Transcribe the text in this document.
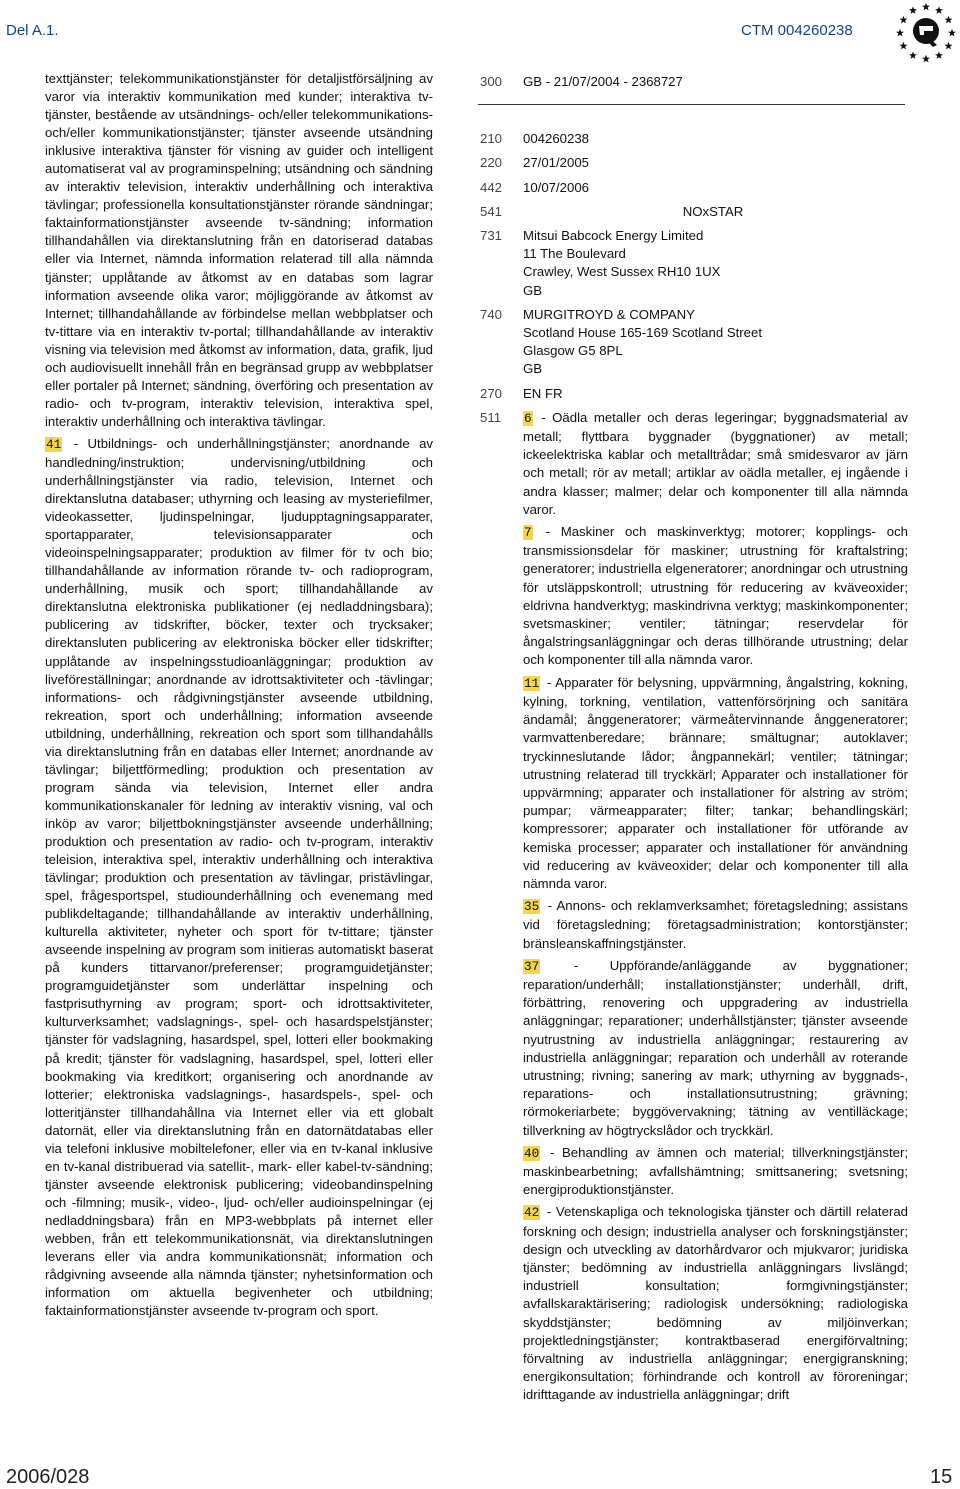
Del A.1.	CTM 004260238

texttjänster; telekommunikationstjänster för detaljistförsäljning av varor via interaktiv kommunikation med kunder; interaktiva tv-tjänster, bestående av utsändnings- och/eller telekommunikations- och/eller kommunikationstjänster; tjänster avseende utsändning inklusive interaktiva tjänster för visning av guider och intelligent automatiserat val av programinspelning; utsändning och sändning av interaktiv television, interaktiv underhållning och interaktiva tävlingar; professionella konsultationstjänster rörande sändningar; faktainformationstjänster avseende tv-sändning; information tillhandahållen via direktanslutning från en datoriserad databas eller via Internet, nämnda information relaterad till alla nämnda tjänster; upplåtande av åtkomst av en databas som lagrar information avseende olika varor; möjliggörande av åtkomst av Internet; tillhandahållande av förbindelse mellan webbplatser och tv-tittare via en interaktiv tv-portal; tillhandahållande av interaktiv visning via television med åtkomst av information, data, grafik, ljud och audiovisuellt innehåll från en begränsad grupp av webbplatser eller portaler på Internet; sändning, överföring och presentation av radio- och tv-program, interaktiv television, interaktiva spel, interaktiv underhållning och interaktiva tävlingar.

41 - Utbildnings- och underhållningstjänster; anordnande av handledning/instruktion; undervisning/utbildning och underhållningstjänster via radio, television, Internet och direktanslutna databaser; uthyrning och leasing av mysteriefilmer, videokassetter, ljudinspelningar, ljudupptagningsapparater, sportapparater, televisionsapparater och videoinspelningsapparater; produktion av filmer för tv och bio; tillhandahållande av information rörande tv- och radioprogram, underhållning, musik och sport; tillhandahållande av direktanslutna elektroniska publikationer (ej nedladdningsbara); publicering av tidskrifter, böcker, texter och trycksaker; direktansluten publicering av elektroniska böcker eller tidskrifter; upplåtande av inspelningsstudioanläggningar; produktion av liveföreställningar; anordnande av idrottsaktiviteter och -tävlingar; informations- och rådgivningstjänster avseende utbildning, rekreation, sport och underhållning; information avseende utbildning, underhållning, rekreation och sport som tillhandahålls via direktanslutning från en databas eller Internet; anordnande av tävlingar; biljettförmedling; produktion och presentation av program sända via television, Internet eller andra kommunikationskanaler för ledning av interaktiv visning, val och inköp av varor; biljettbokningstjänster avseende underhållning; produktion och presentation av radio- och tv-program, interaktiv teleision, interaktiva spel, interaktiv underhållning och interaktiva tävlingar; produktion och presentation av tävlingar, pristävlingar, spel, frågesportspel, studiounderhållning och evenemang med publikdeltagande; tillhandahållande av interaktiv underhållning, kulturella aktiviteter, nyheter och sport för tv-tittare; tjänster avseende inspelning av program som initieras automatiskt baserat på kunders tittarvanor/preferenser; programguidetjänster; programguidetjänster som underlättar inspelning och fastprisuthyrning av program; sport- och idrottsaktiviteter, kulturverksamhet; vadslagnings-, spel- och hasardspelstjänster; tjänster för vadslagning, hasardspel, spel, lotteri eller bookmaking på kredit; tjänster för vadslagning, hasardspel, spel, lotteri eller bookmaking via kreditkort; organisering och anordnande av lotterier; elektroniska vadslagnings-, hasardspels-, spel- och lotteritjänster tillhandahållna via Internet eller via ett globalt datornät, eller via direktanslutning från en datornätdatabas eller via telefoni inklusive mobiltelefoner, eller via en tv-kanal inklusive en tv-kanal distribuerad via satellit-, mark- eller kabel-tv-sändning; tjänster avseende elektronisk publicering; videobandinspelning och -filmning; musik-, video-, ljud- och/eller audioinspelningar (ej nedladdningsbara) från en MP3-webbplats på internet eller webben, från ett telekommunikationsnät, via direktanslutningen leverans eller via andra kommunikationsnät; information och rådgivning avseende alla nämnda tjänster; nyhetsinformation och information om aktuella begivenheter och utbildning; faktainformationstjänster avseende tv-program och sport.

300 GB - 21/07/2004 - 2368727
210 004260238
220 27/01/2005
442 10/07/2006
541	NOxSTAR
731 Mitsui Babcock Energy Limited
11 The Boulevard
Crawley, West Sussex RH10 1UX
GB
740 MURGITROYD & COMPANY
Scotland House 165-169 Scotland Street
Glasgow G5 8PL
GB
270 EN FR
511 6 - Oädla metaller och deras legeringar; byggnadsmaterial av metall; flyttbara byggnader (byggnationer) av metall; ickeelektriska kablar och metalltrådar; små smidesvaror av järn och metall; rör av metall; artiklar av oädla metaller, ej ingående i andra klasser; malmer; delar och komponenter till alla nämnda varor.

7 - Maskiner och maskinverktyg; motorer; kopplings- och transmissionsdelar för maskiner; utrustning för kraftalstring; generatorer; industriella elgeneratorer; anordningar och utrustning för utsläppskontroll; utrustning för reducering av kväveoxider; eldrivna handverktyg; maskindrivna verktyg; maskinkomponenter; svetsmaskiner; ventiler; tätningar; reservdelar för ångalstringsanläggningar och deras tillhörande utrustning; delar och komponenter till alla nämnda varor.

11 - Apparater för belysning, uppvärmning, ångalstring, kokning, kylning, torkning, ventilation, vattenförsörjning och sanitära ändamål; ånggeneratorer; värmeåtervinnande ånggeneratorer; varmvattenberedare; brännare; smältugnar; autoklaver; tryckinneslutande lådor; ångpannekärl; ventiler; tätningar; utrustning relaterad till tryckkärl; Apparater och installationer för uppvärmning; apparater och installationer för alstring av ström; pumpar; värmeapparater; filter; tankar; behandlingskärl; kompressorer; apparater och installationer för utförande av kemiska processer; apparater och installationer för användning vid reducering av kväveoxider; delar och komponenter till alla nämnda varor.

35 - Annons- och reklamverksamhet; företagsledning; assistans vid företagsledning; företagsadministration; kontorstjänster; bränsleanskaffningstjänster.

37 - Uppförande/anläggande av byggnationer; reparation/underhåll; installationstjänster; underhåll, drift, förbättring, renovering och uppgradering av industriella anläggningar; reparationer; underhållstjänster; tjänster avseende nyutrustning av industriella anläggningar; restaurering av industriella anläggningar; reparation och underhåll av roterande utrustning; rivning; sanering av mark; uthyrning av byggnads-, reparations- och installationsutrustning; grävning; rörmokeriarbete; byggövervakning; tätning av ventilläckage; tillverkning av högtryckslådor och tryckkärl.

40 - Behandling av ämnen och material; tillverkningstjänster; maskinbearbetning; avfallshämtning; smittsanering; svetsning; energiproduktionstjänster.

42 - Vetenskapliga och teknologiska tjänster och därtill relaterad forskning och design; industriella analyser och forskningstjänster; design och utveckling av datorhårdvaror och mjukvaror; juridiska tjänster; bedömning av industriella anläggningars livslängd; industriell konsultation; formgivningstjänster; avfallskaraktärisering; radiologisk undersökning; radiologiska skyddstjänster; bedömning av miljöinverkan; projektledningstjänster; kontraktbaserad energiförvaltning; förvaltning av industriella anläggningar; energigranskning; energikonsultation; förhindrande och kontroll av föroreningar; idrifttagande av industriella anläggningar; drift

2006/028	15
